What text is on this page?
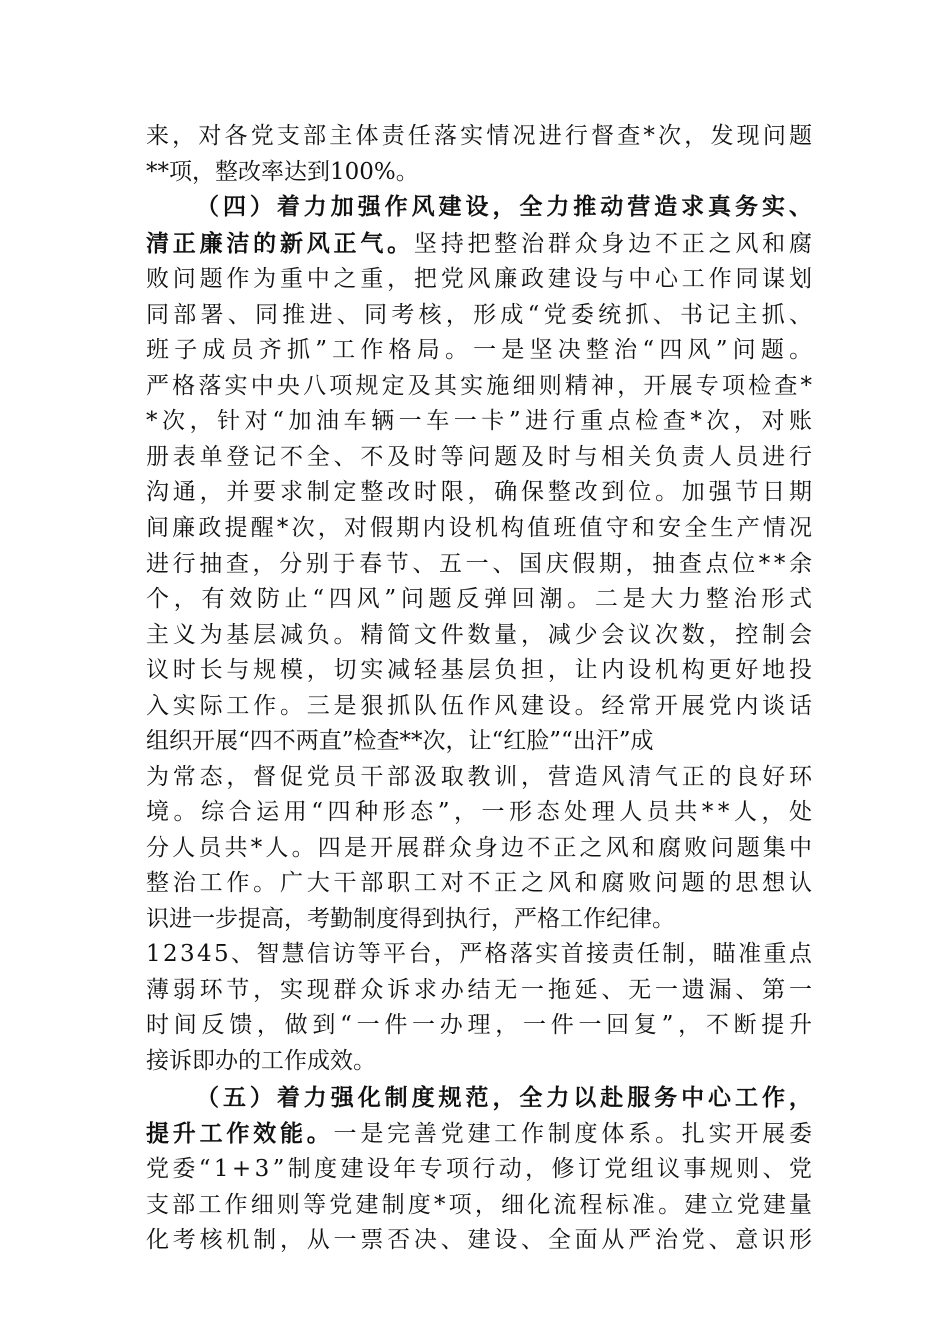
来，对各党支部主体责任落实情况进行督查*次，发现问题
**项，整改率达到100%。
（四）着力加强作风建设，全力推动营造求真务实、
清正廉洁的新风正气。坚持把整治群众身边不正之风和腐
败问题作为重中之重，把党风廉政建设与中心工作同谋划
同部署、同推进、同考核，形成“党委统抓、书记主抓、
班子成员齐抓”工作格局。一是坚决整治“四风”问题。
严格落实中央八项规定及其实施细则精神，开展专项检查*
*次，针对“加油车辆一车一卡”进行重点检查*次，对账
册表单登记不全、不及时等问题及时与相关负责人员进行
沟通，并要求制定整改时限，确保整改到位。加强节日期
间廉政提醒*次，对假期内设机构值班值守和安全生产情况
进行抽查，分别于春节、五一、国庆假期，抽查点位**余
个，有效防止“四风”问题反弹回潮。二是大力整治形式
主义为基层减负。精简文件数量，减少会议次数，控制会
议时长与规模，切实减轻基层负担，让内设机构更好地投
入实际工作。三是狠抓队伍作风建设。经常开展党内谈话
组织开展“四不两直”检查**次，让“红脸”“出汗”成
为常态，督促党员干部汲取教训，营造风清气正的良好环
境。综合运用“四种形态”，一形态处理人员共**人，处
分人员共*人。四是开展群众身边不正之风和腐败问题集中
整治工作。广大干部职工对不正之风和腐败问题的思想认
识进一步提高，考勤制度得到执行，严格工作纪律。
12345、智慧信访等平台，严格落实首接责任制，瞄准重点
薄弱环节，实现群众诉求办结无一拖延、无一遗漏、第一
时间反馈，做到“一件一办理，一件一回复”，不断提升
接诉即办的工作成效。
（五）着力强化制度规范，全力以赴服务中心工作，
提升工作效能。一是完善党建工作制度体系。扎实开展委
党委“1+3”制度建设年专项行动，修订党组议事规则、党
支部工作细则等党建制度*项，细化流程标准。建立党建量
化考核机制，从一票否决、建设、全面从严治党、意识形
